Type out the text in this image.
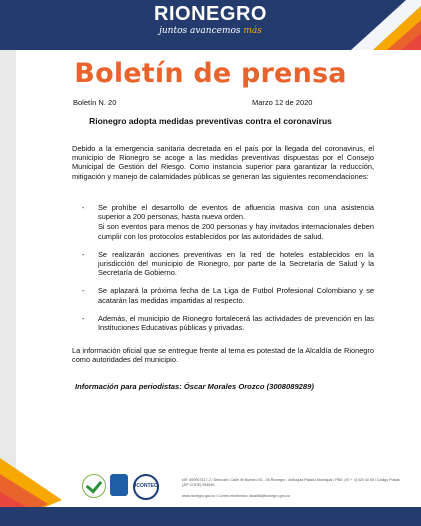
RIONEGRO
juntos avancemos más
Boletín de prensa
Boletín N. 20	Marzo 12 de 2020
Rionegro adopta medidas preventivas contra el coronavirus
Debido a la emergencia sanitaria decretada en el país por la llegada del coronavirus, el municipio de Rionegro se acoge a las medidas preventivas dispuestas por el Consejo Municipal de Gestión del Riesgo. Como instancia superior para garantizar la reducción, mitigación y manejo de calamidades públicas se generan las siguientes recomendaciones:
- Se prohíbe el desarrollo de eventos de afluencia masiva con una asistencia superior a 200 personas, hasta nueva orden.
Si son eventos para menos de 200 personas y hay invitados internacionales deben cumplir con los protocolos establecidos por las autoridades de salud.
- Se realizarán acciones preventivas en la red de hoteles establecidos en la jurisdicción del municipio de Rionegro, por parte de la Secretaría de Salud y la Secretaría de Gobierno.
- Se aplazará la próxima fecha de La Liga de Futbol Profesional Colombiano y se acatarán las medidas impartidas al respecto.
- Además, el municipio de Rionegro fortalecerá las actividades de prevención en las Instituciones Educativas públicas y privadas.
La información oficial que se entregue frente al tema es potestad de la Alcaldía de Rionegro como autoridades del municipio.
Información para periodistas: Óscar Morales Orozco (3008089289)
ICONTEC
NIT: 890907317-2 / Dirección: Calle 49 Número 50 - 05 Rionegro - Antioquia Palacio Municipal / PBX: (57 + 4) 520 40 60 / Código Postal: (ZIP CODE) 054040.
www.rionegro.gov.co / Correo electrónico: alcaldia@rionegro.gov.co
